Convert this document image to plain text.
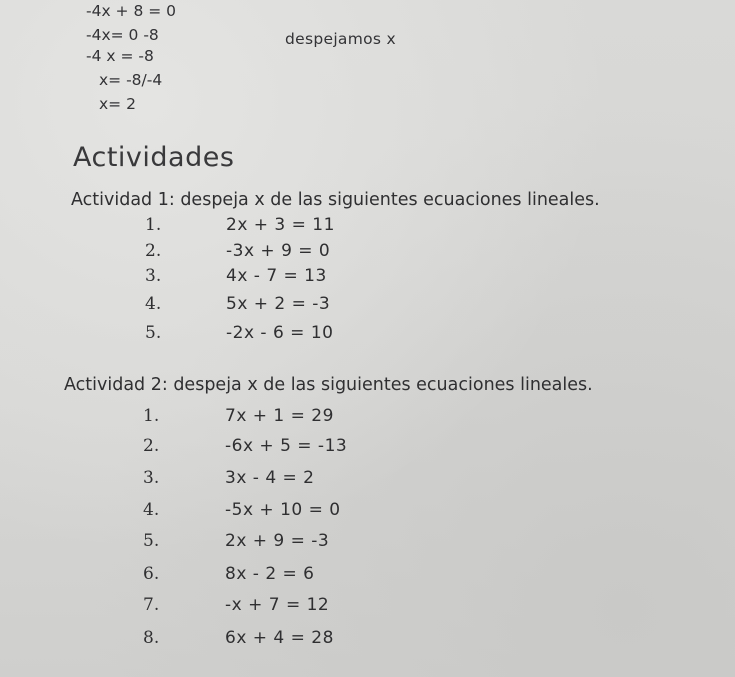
-4x + 8 = 0
-4x= 0 -8
-4 x = -8
x= -8/-4
x= 2
despejamos x
Actividades
Actividad 1: despeja x de las siguientes ecuaciones lineales.
1.	2x + 3 = 11
2.	-3x + 9 = 0
3.	4x - 7 = 13
4.	5x + 2 = -3
5.	-2x - 6 = 10
Actividad 2: despeja x de las siguientes ecuaciones lineales.
1.	7x + 1 = 29
2.	-6x + 5 = -13
3.	3x - 4 = 2
4.	-5x + 10 = 0
5.	2x + 9 = -3
6.	8x - 2 = 6
7.	-x + 7 = 12
8.	6x + 4 = 28
